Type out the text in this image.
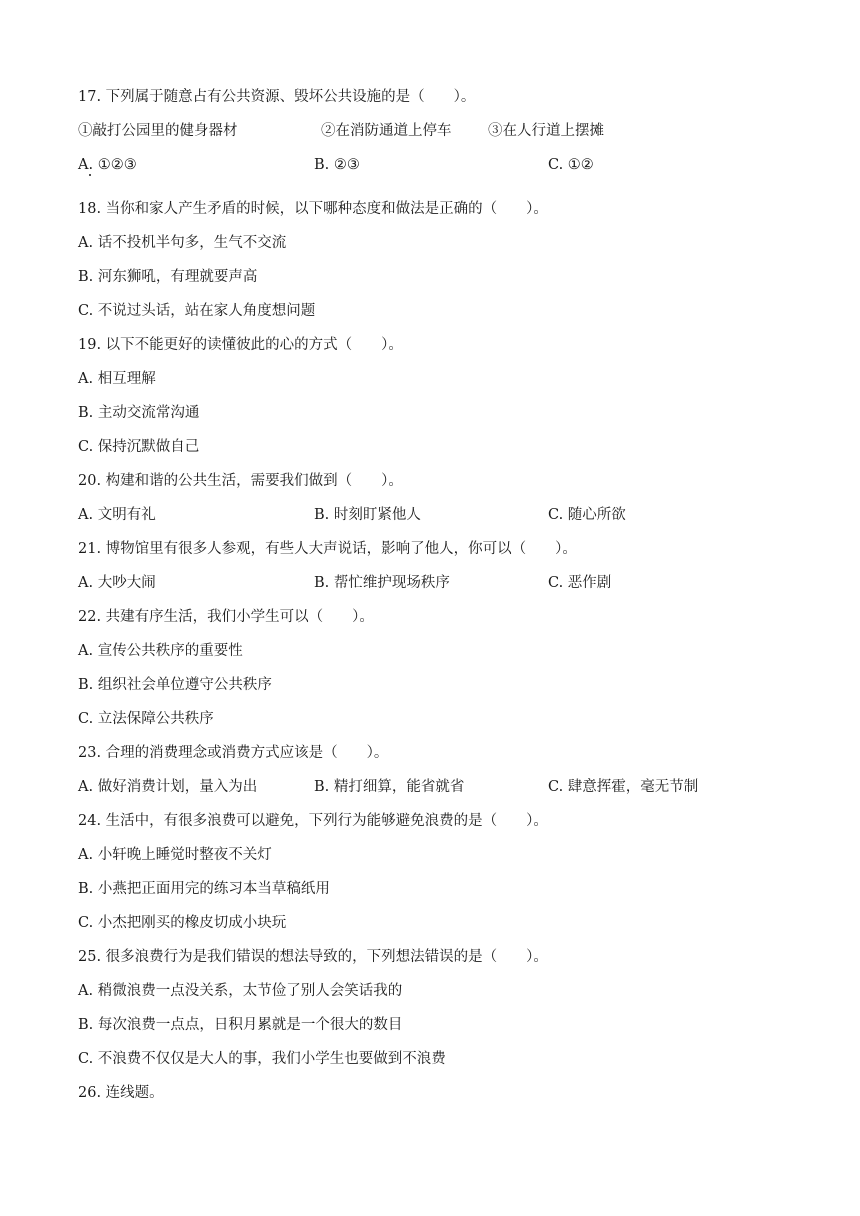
17. 下列属于随意占有公共资源、毁坏公共设施的是（　　）。
①敲打公园里的健身器材	②在消防通道上停车	③在人行道上摆摊
A. ①②③	B. ②③	C. ①②
18. 当你和家人产生矛盾的时候，以下哪种态度和做法是正确的（　　）。
A. 话不投机半句多，生气不交流
B. 河东狮吼，有理就要声高
C. 不说过头话，站在家人角度想问题
19. 以下不能更好的读懂彼此的心的方式（　　）。
A. 相互理解
B. 主动交流常沟通
C. 保持沉默做自己
20. 构建和谐的公共生活，需要我们做到（　　）。
A. 文明有礼	B. 时刻盯紧他人	C. 随心所欲
21. 博物馆里有很多人参观，有些人大声说话，影响了他人，你可以（　　）。
A. 大吵大闹	B. 帮忙维护现场秩序	C. 恶作剧
22. 共建有序生活，我们小学生可以（　　）。
A. 宣传公共秩序的重要性
B. 组织社会单位遵守公共秩序
C. 立法保障公共秩序
23. 合理的消费理念或消费方式应该是（　　）。
A. 做好消费计划，量入为出	B. 精打细算，能省就省	C. 肆意挥霍，毫无节制
24. 生活中，有很多浪费可以避免，下列行为能够避免浪费的是（　　）。
A. 小轩晚上睡觉时整夜不关灯
B. 小燕把正面用完的练习本当草稿纸用
C. 小杰把刚买的橡皮切成小块玩
25. 很多浪费行为是我们错误的想法导致的，下列想法错误的是（　　）。
A. 稍微浪费一点没关系，太节俭了别人会笑话我的
B. 每次浪费一点点，日积月累就是一个很大的数目
C. 不浪费不仅仅是大人的事，我们小学生也要做到不浪费
26. 连线题。
